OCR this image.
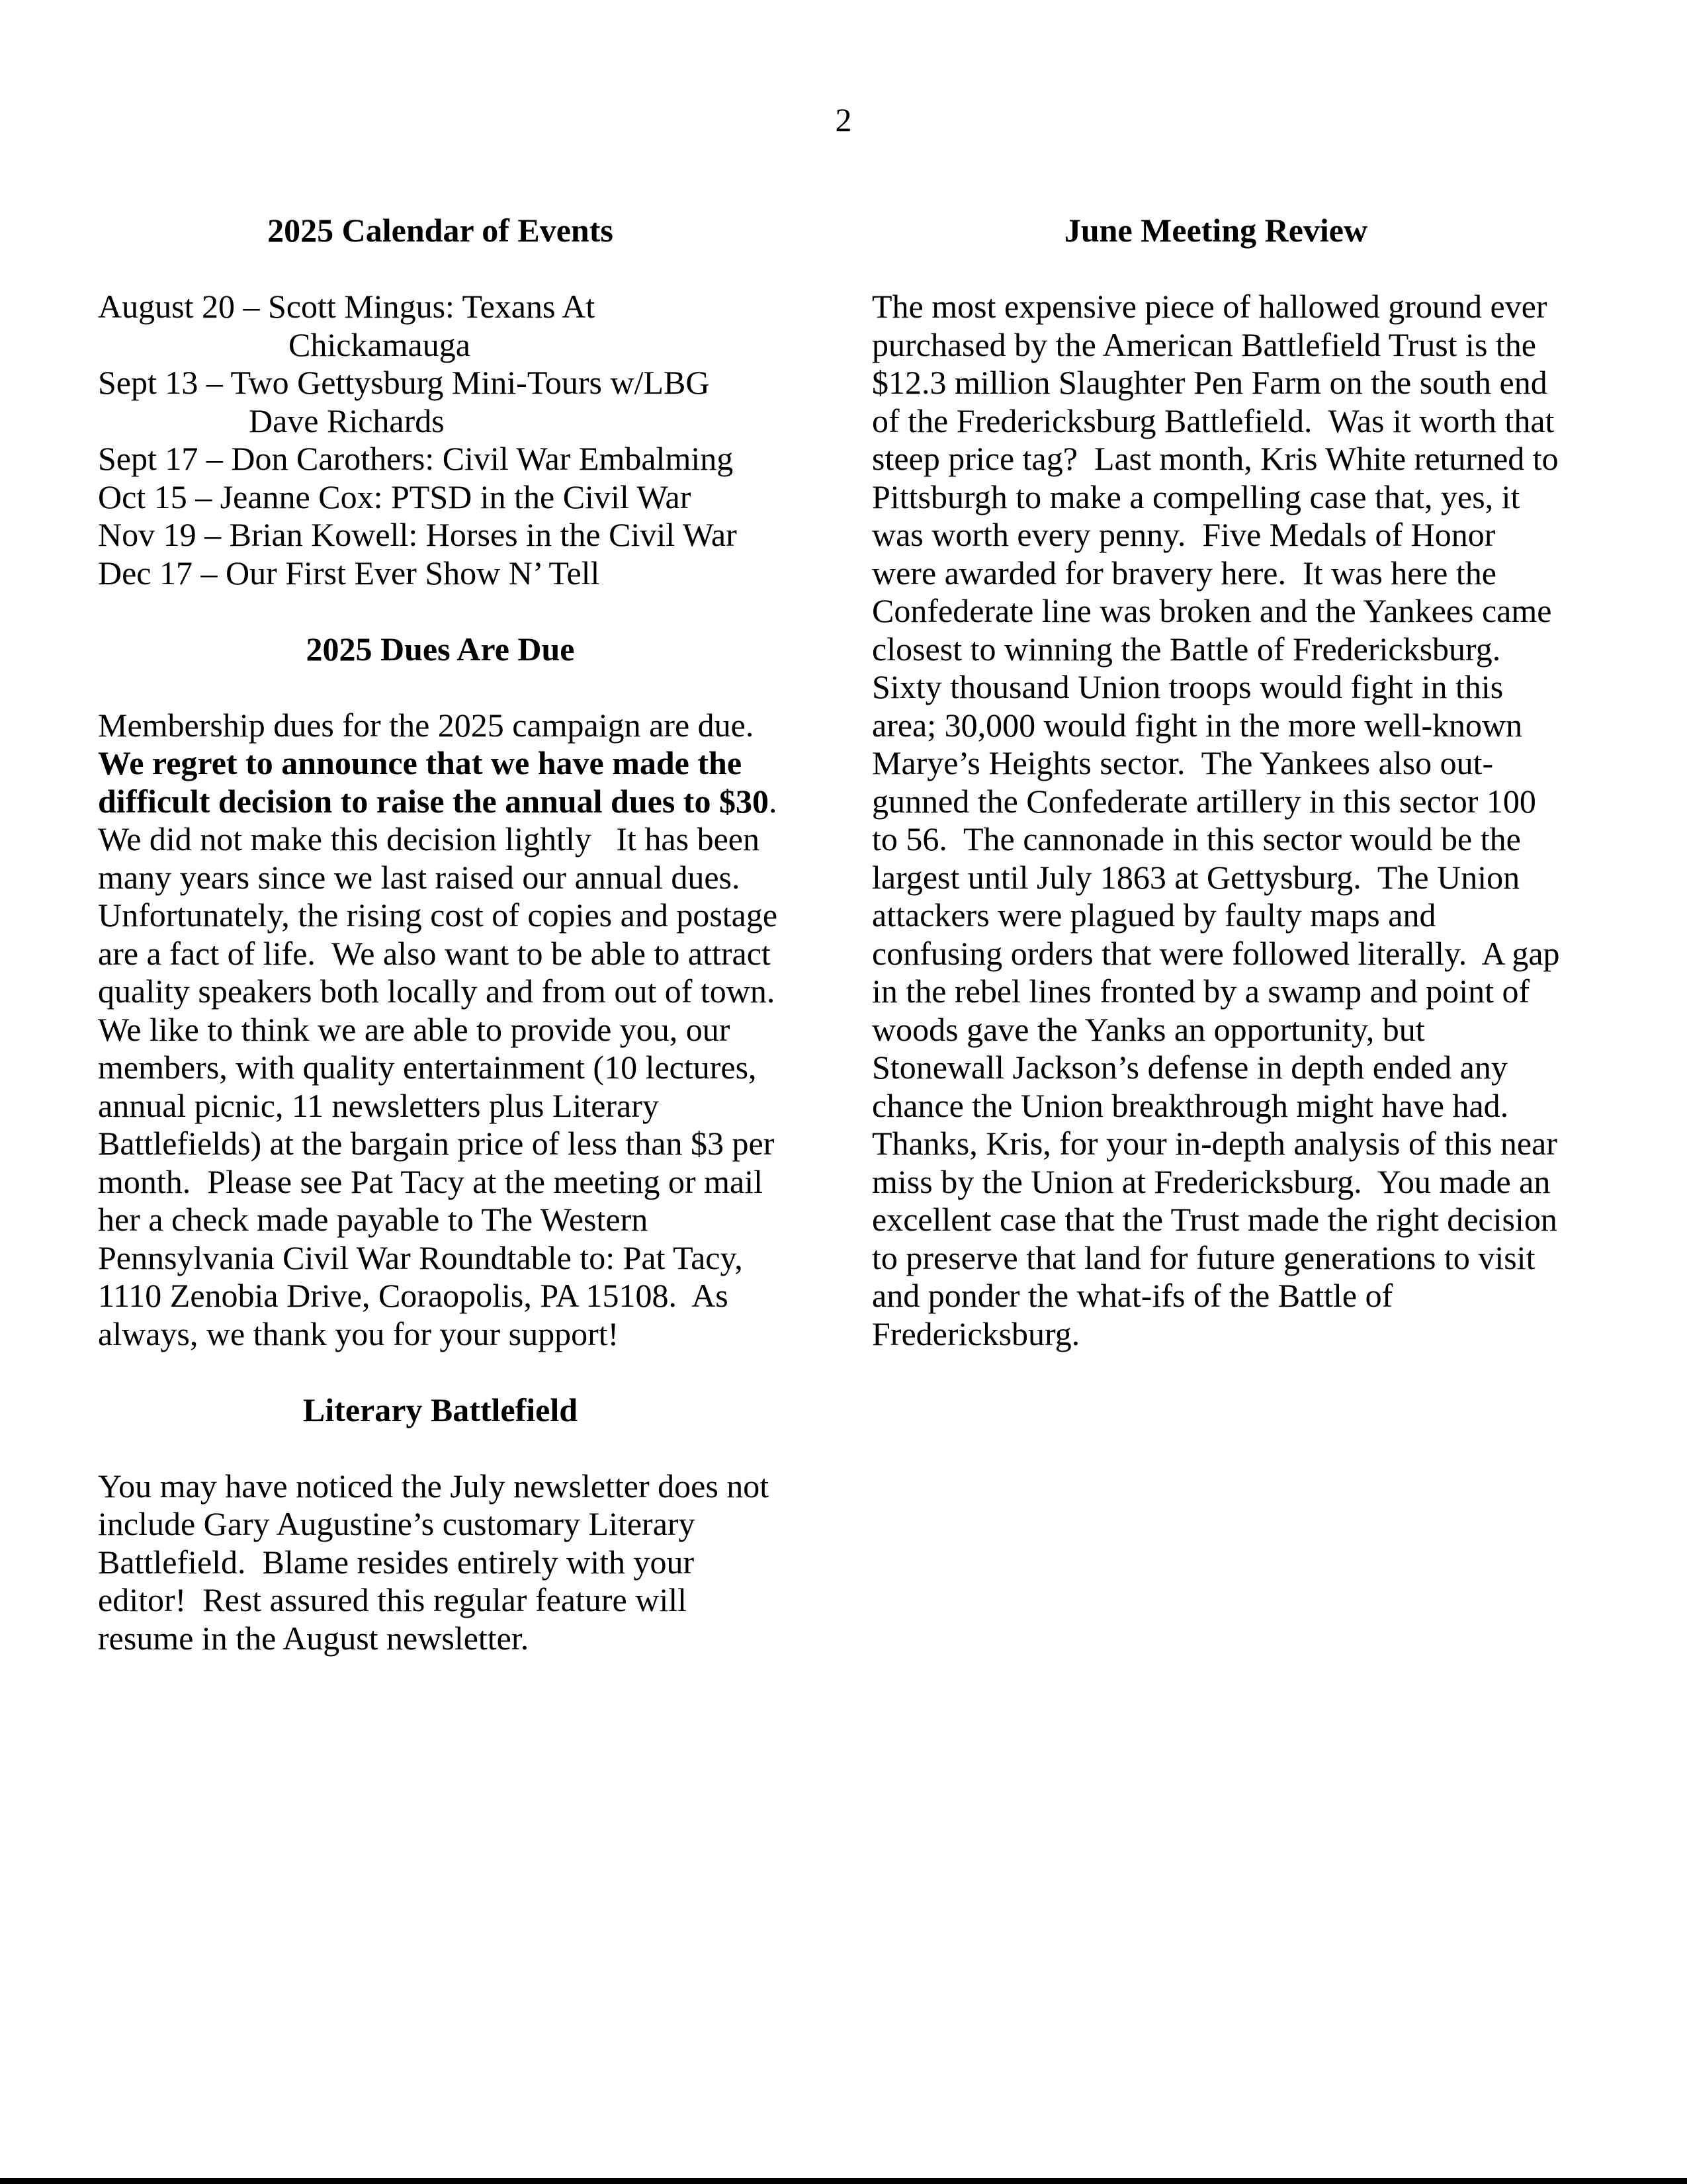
2
2025 Calendar of Events
August 20 – Scott Mingus: Texans At
Chickamauga
Sept 13 – Two Gettysburg Mini-Tours w/LBG
Dave Richards
Sept 17 – Don Carothers: Civil War Embalming
Oct 15 – Jeanne Cox: PTSD in the Civil War
Nov 19 – Brian Kowell: Horses in the Civil War
Dec 17 – Our First Ever Show N’ Tell
2025 Dues Are Due

Membership dues for the 2025 campaign are due.  We regret to announce that we have made the difficult decision to raise the annual dues to $30.  We did not make this decision lightly   It has been many years since we last raised our annual dues.  Unfortunately, the rising cost of copies and postage are a fact of life.  We also want to be able to attract quality speakers both locally and from out of town.  We like to think we are able to provide you, our members, with quality entertainment (10 lectures, annual picnic, 11 newsletters plus Literary Battlefields) at the bargain price of less than $3 per month.  Please see Pat Tacy at the meeting or mail her a check made payable to The Western Pennsylvania Civil War Roundtable to: Pat Tacy, 1110 Zenobia Drive, Coraopolis, PA 15108.  As always, we thank you for your support!

Literary Battlefield

You may have noticed the July newsletter does not include Gary Augustine’s customary Literary Battlefield.  Blame resides entirely with your editor!  Rest assured this regular feature will resume in the August newsletter.

June Meeting Review

The most expensive piece of hallowed ground ever purchased by the American Battlefield Trust is the $12.3 million Slaughter Pen Farm on the south end of the Fredericksburg Battlefield.  Was it worth that steep price tag?  Last month, Kris White returned to Pittsburgh to make a compelling case that, yes, it was worth every penny.  Five Medals of Honor were awarded for bravery here.  It was here the Confederate line was broken and the Yankees came closest to winning the Battle of Fredericksburg.  Sixty thousand Union troops would fight in this area; 30,000 would fight in the more well-known Marye’s Heights sector.  The Yankees also out-gunned the Confederate artillery in this sector 100 to 56.  The cannonade in this sector would be the largest until July 1863 at Gettysburg.  The Union attackers were plagued by faulty maps and confusing orders that were followed literally.  A gap in the rebel lines fronted by a swamp and point of woods gave the Yanks an opportunity, but Stonewall Jackson’s defense in depth ended any chance the Union breakthrough might have had.  Thanks, Kris, for your in-depth analysis of this near miss by the Union at Fredericksburg.  You made an excellent case that the Trust made the right decision to preserve that land for future generations to visit and ponder the what-ifs of the Battle of Fredericksburg.
